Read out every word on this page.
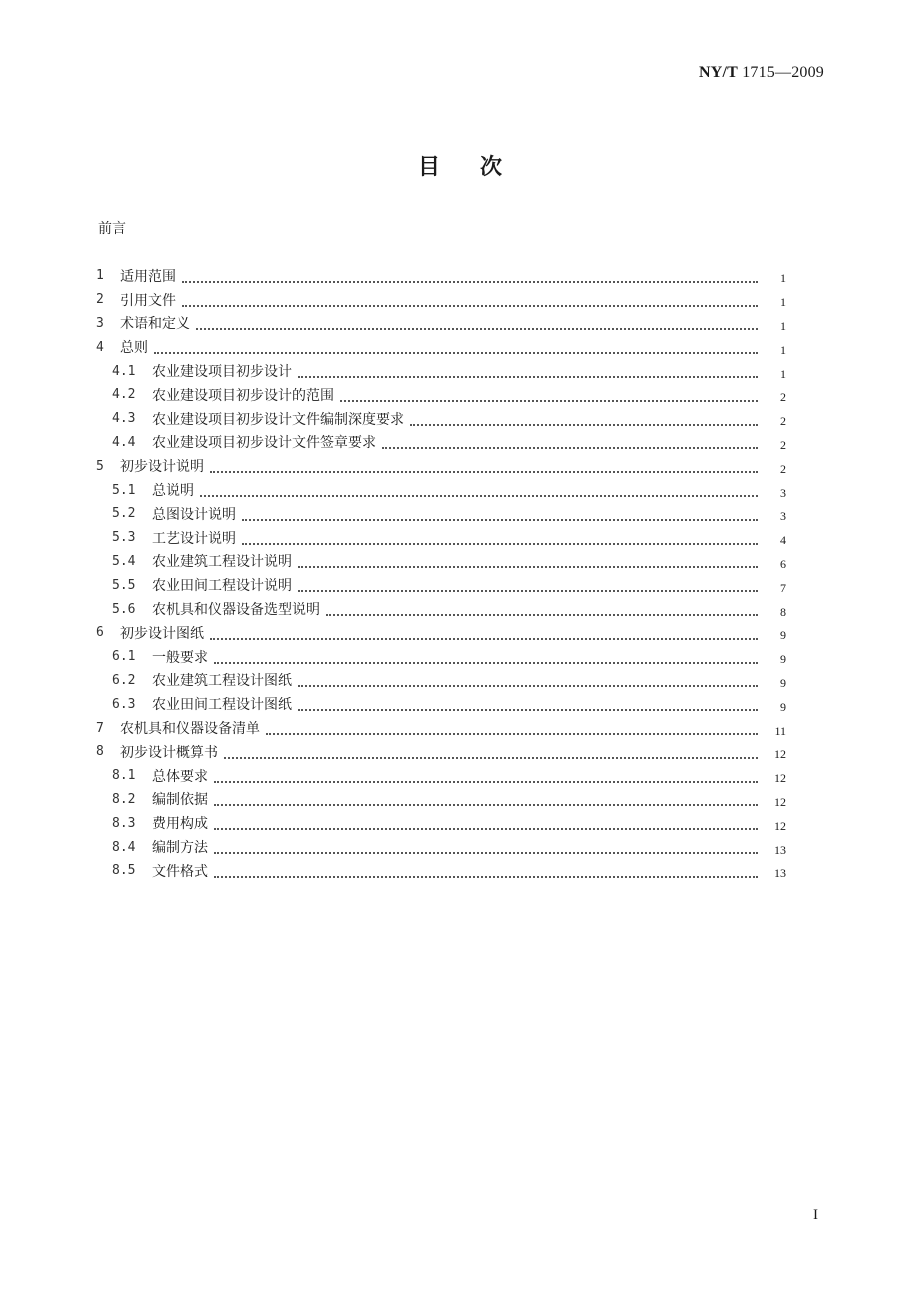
NY/T 1715—2009
目次
前言
1	适用范围	1
2	引用文件	1
3	术语和定义	1
4	总则	1
4.1	农业建设项目初步设计	1
4.2	农业建设项目初步设计的范围	2
4.3	农业建设项目初步设计文件编制深度要求	2
4.4	农业建设项目初步设计文件签章要求	2
5	初步设计说明	2
5.1	总说明	3
5.2	总图设计说明	3
5.3	工艺设计说明	4
5.4	农业建筑工程设计说明	6
5.5	农业田间工程设计说明	7
5.6	农机具和仪器设备选型说明	8
6	初步设计图纸	9
6.1	一般要求	9
6.2	农业建筑工程设计图纸	9
6.3	农业田间工程设计图纸	9
7	农机具和仪器设备清单	11
8	初步设计概算书	12
8.1	总体要求	12
8.2	编制依据	12
8.3	费用构成	12
8.4	编制方法	13
8.5	文件格式	13
I
